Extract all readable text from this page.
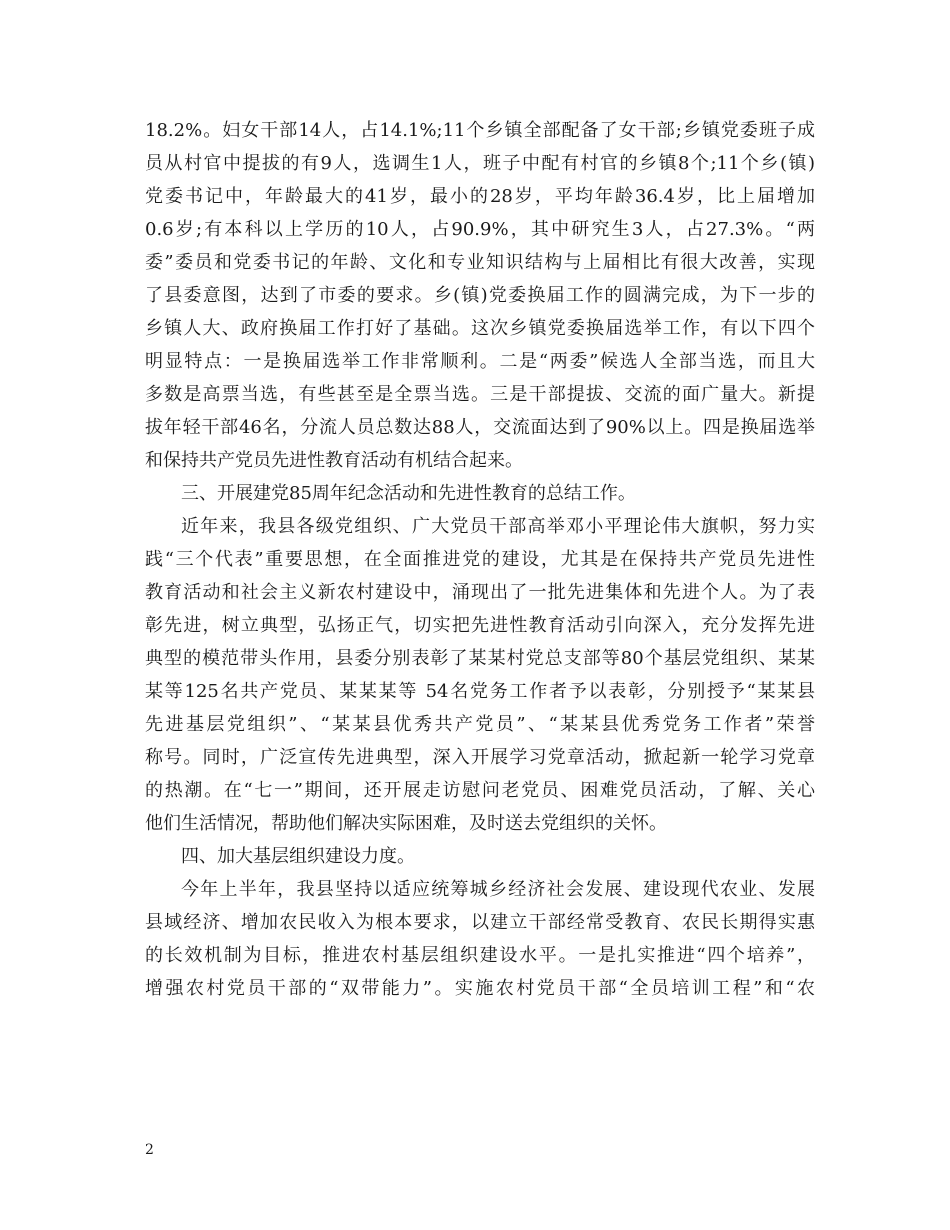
18.2%。妇女干部14人，占14.1%;11个乡镇全部配备了女干部;乡镇党委班子成
员从村官中提拔的有9人，选调生1人，班子中配有村官的乡镇8个;11个乡(镇)
党委书记中，年龄最大的41岁，最小的28岁，平均年龄36.4岁，比上届增加
0.6岁;有本科以上学历的10人，占90.9%，其中研究生3人，占27.3%。“两
委”委员和党委书记的年龄、文化和专业知识结构与上届相比有很大改善，实现
了县委意图，达到了市委的要求。乡(镇)党委换届工作的圆满完成，为下一步的
乡镇人大、政府换届工作打好了基础。这次乡镇党委换届选举工作，有以下四个
明显特点：一是换届选举工作非常顺利。二是“两委”候选人全部当选，而且大
多数是高票当选，有些甚至是全票当选。三是干部提拔、交流的面广量大。新提
拔年轻干部46名，分流人员总数达88人，交流面达到了90%以上。四是换届选举
和保持共产党员先进性教育活动有机结合起来。
三、开展建党85周年纪念活动和先进性教育的总结工作。
近年来，我县各级党组织、广大党员干部高举邓小平理论伟大旗帜，努力实
践“三个代表”重要思想，在全面推进党的建设，尤其是在保持共产党员先进性
教育活动和社会主义新农村建设中，涌现出了一批先进集体和先进个人。为了表
彰先进，树立典型，弘扬正气，切实把先进性教育活动引向深入，充分发挥先进
典型的模范带头作用，县委分别表彰了某某村党总支部等80个基层党组织、某某
某等125名共产党员、某某某等 54名党务工作者予以表彰，分别授予“某某县
先进基层党组织”、“某某县优秀共产党员”、“某某县优秀党务工作者”荣誉
称号。同时，广泛宣传先进典型，深入开展学习党章活动，掀起新一轮学习党章
的热潮。在“七一”期间，还开展走访慰问老党员、困难党员活动，了解、关心
他们生活情况，帮助他们解决实际困难，及时送去党组织的关怀。
四、加大基层组织建设力度。
今年上半年，我县坚持以适应统筹城乡经济社会发展、建设现代农业、发展
县域经济、增加农民收入为根本要求，以建立干部经常受教育、农民长期得实惠
的长效机制为目标，推进农村基层组织建设水平。一是扎实推进“四个培养”，
增强农村党员干部的“双带能力”。实施农村党员干部“全员培训工程”和“农
2
